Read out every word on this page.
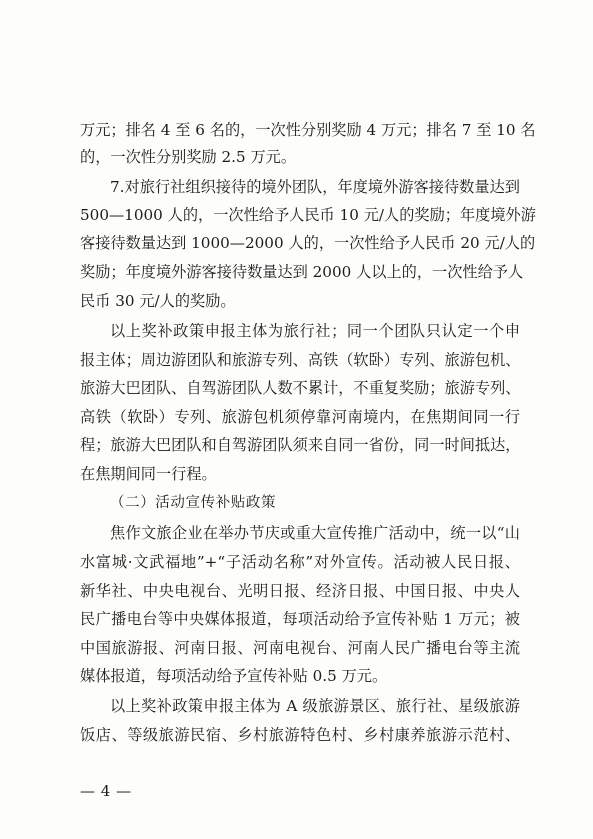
万元；排名 4 至 6 名的，一次性分别奖励 4 万元；排名 7 至 10 名
的，一次性分别奖励 2.5 万元。
7.对旅行社组织接待的境外团队，年度境外游客接待数量达到
500—1000 人的，一次性给予人民币 10 元/人的奖励；年度境外游
客接待数量达到 1000—2000 人的，一次性给予人民币 20 元/人的
奖励；年度境外游客接待数量达到 2000 人以上的，一次性给予人
民币 30 元/人的奖励。
以上奖补政策申报主体为旅行社；同一个团队只认定一个申
报主体；周边游团队和旅游专列、高铁（软卧）专列、旅游包机、
旅游大巴团队、自驾游团队人数不累计，不重复奖励；旅游专列、
高铁（软卧）专列、旅游包机须停靠河南境内，在焦期间同一行
程；旅游大巴团队和自驾游团队须来自同一省份，同一时间抵达，
在焦期间同一行程。
（二）活动宣传补贴政策
焦作文旅企业在举办节庆或重大宣传推广活动中，统一以“山
水富城·文武福地”+“子活动名称”对外宣传。活动被人民日报、
新华社、中央电视台、光明日报、经济日报、中国日报、中央人
民广播电台等中央媒体报道，每项活动给予宣传补贴 1 万元；被
中国旅游报、河南日报、河南电视台、河南人民广播电台等主流
媒体报道，每项活动给予宣传补贴 0.5 万元。
以上奖补政策申报主体为 A 级旅游景区、旅行社、星级旅游
饭店、等级旅游民宿、乡村旅游特色村、乡村康养旅游示范村、
— 4 —
